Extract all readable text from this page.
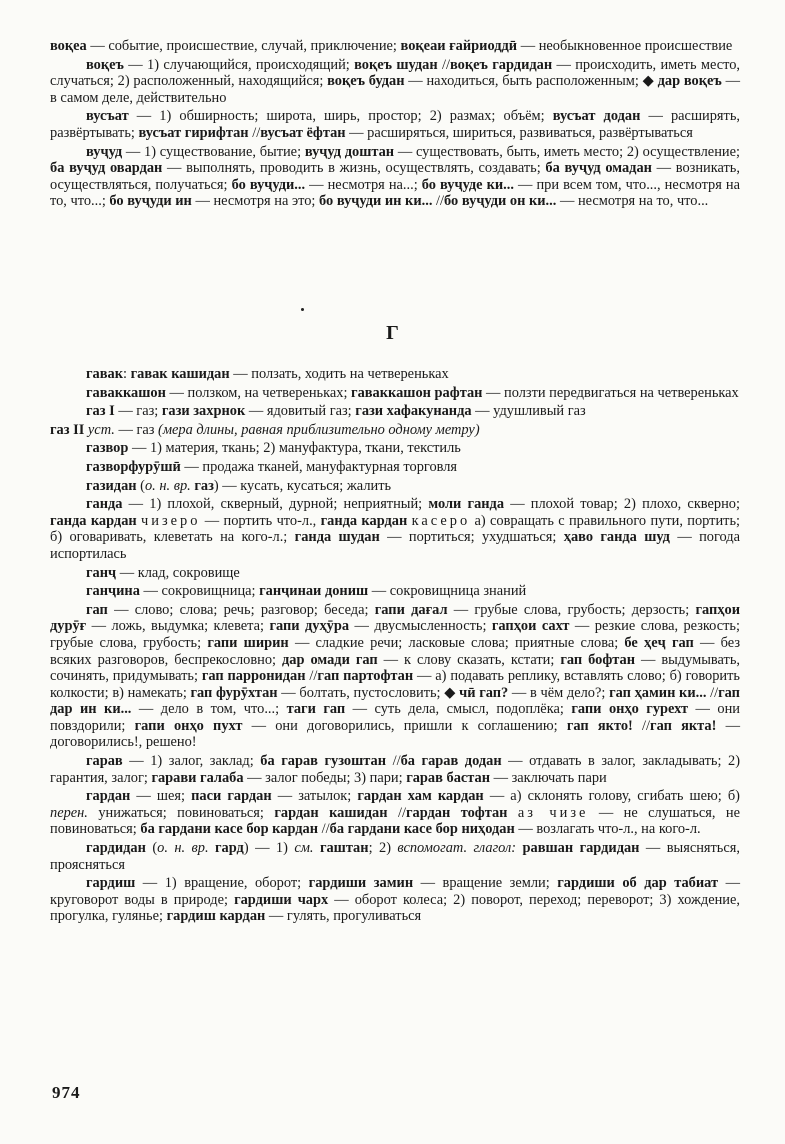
воқеа — событие, происшествие, случай, приключение; воқеаи ғайриоддӣ — необыкновенное происшествие

воқеъ — 1) случающийся, происходящий; воқеъ шудан //воқеъ гардидан — происходить, иметь место, случаться; 2) расположенный, находящийся; воқеъ будан — находиться, быть расположенным; ◆ дар воқеъ — в самом деле, действительно

вусъат — 1) обширность; широта, ширь, простор; 2) размах; объём; вусъат додан — расширять, развёртывать; вусъат гирифтан //вусъат ёфтан — расширяться, шириться, развиваться, развёртываться

вуҷуд — 1) существование, бытие; вуҷуд доштан — существовать, быть, иметь место; 2) осуществление; ба вуҷуд овардан — выполнять, проводить в жизнь, осуществлять, создавать; ба вуҷуд омадан — возникать, осуществляться, получаться; бо вуҷуди... — несмотря на...; бо вуҷуде ки... — при всем том, что..., несмотря на то, что...; бо вуҷуди ин — несмотря на это; бо вуҷуди ин ки... //бо вуҷуди он ки... — несмотря на то, что...

Г

гавак: гавак кашидан — ползать, ходить на четвереньках

гаваккашон — ползком, на четвереньках; гаваккашон рафтан — ползти передвигаться на четвереньках

газ I — газ; гази захрнок — ядовитый газ; гази хафакунанда — удушливый газ

газ II уст. — газ (мера длины, равная приблизительно одному метру)

газвор — 1) материя, ткань; 2) мануфактура, ткани, текстиль

газворфурӯшӣ — продажа тканей, мануфактурная торговля

газидан (о. н. вр. газ) — кусать, кусаться; жалить

ганда — 1) плохой, скверный, дурной; неприятный; моли ганда — плохой товар; 2) плохо, скверно; ганда кардан чизеро — портить что-л., ганда кардан касеро а) совращать с правильного пути, портить; б) оговаривать, клеветать на кого-л.; ганда шудан — портиться; ухудшаться; ҳаво ганда шуд — погода испортилась

ганҷ — клад, сокровище

ганҷина — сокровищница; ганҷинаи дониш — сокровищница знаний

гап — слово; слова; речь; разговор; беседа; гапи дағал — грубые слова, грубость; дерзость; гапҳои дурӯғ — ложь, выдумка; клевета; гапи дуҳӯра — двусмысленность; гапҳои сахт — резкие слова, резкость; грубые слова, грубость; гапи ширин — сладкие речи; ласковые слова; приятные слова; бе ҳеҷ гап — без всяких разговоров, беспрекословно; дар омади гап — к слову сказать, кстати; гап бофтан — выдумывать, сочинять, придумывать; гап парронидан //гап партофтан — а) подавать реплику, вставлять слово; б) говорить колкости; в) намекать; гап фурӯхтан — болтать, пустословить; ◆ чӣ гап? — в чём дело?; гап ҳамин ки... //гап дар ин ки... — дело в том, что...; таги гап — суть дела, смысл, подоплёка; гапи онҳо гурехт — они повздорили; гапи онҳо пухт — они договорились, пришли к соглашению; гап якто! //гап якта! — договорились!, решено!

гарав — 1) залог, заклад; ба гарав гузоштан //ба гарав додан — отдавать в залог, закладывать; 2) гарантия, залог; гарави галаба — залог победы; 3) пари; гарав бастан — заключать пари

гардан — шея; паси гардан — затылок; гардан хам кардан — а) склонять голову, сгибать шею; б) перен. унижаться; повиноваться; гардан кашидан //гардан тофтан аз чизе — не слушаться, не повиноваться; ба гардани касе бор кардан //ба гардани касе бор ниҳодан — возлагать что-л., на кого-л.

гардидан (о. н. вр. гард) — 1) см. гаштан; 2) вспомогат. глагол: равшан гардидан — выясняться, проясняться

гардиш — 1) вращение, оборот; гардиши замин — вращение земли; гардиши об дар табиат — круговорот воды в природе; гардиши чарх — оборот колеса; 2) поворот, переход; переворот; 3) хождение, прогулка, гулянье; гардиш кардан — гулять, прогуливаться

974
